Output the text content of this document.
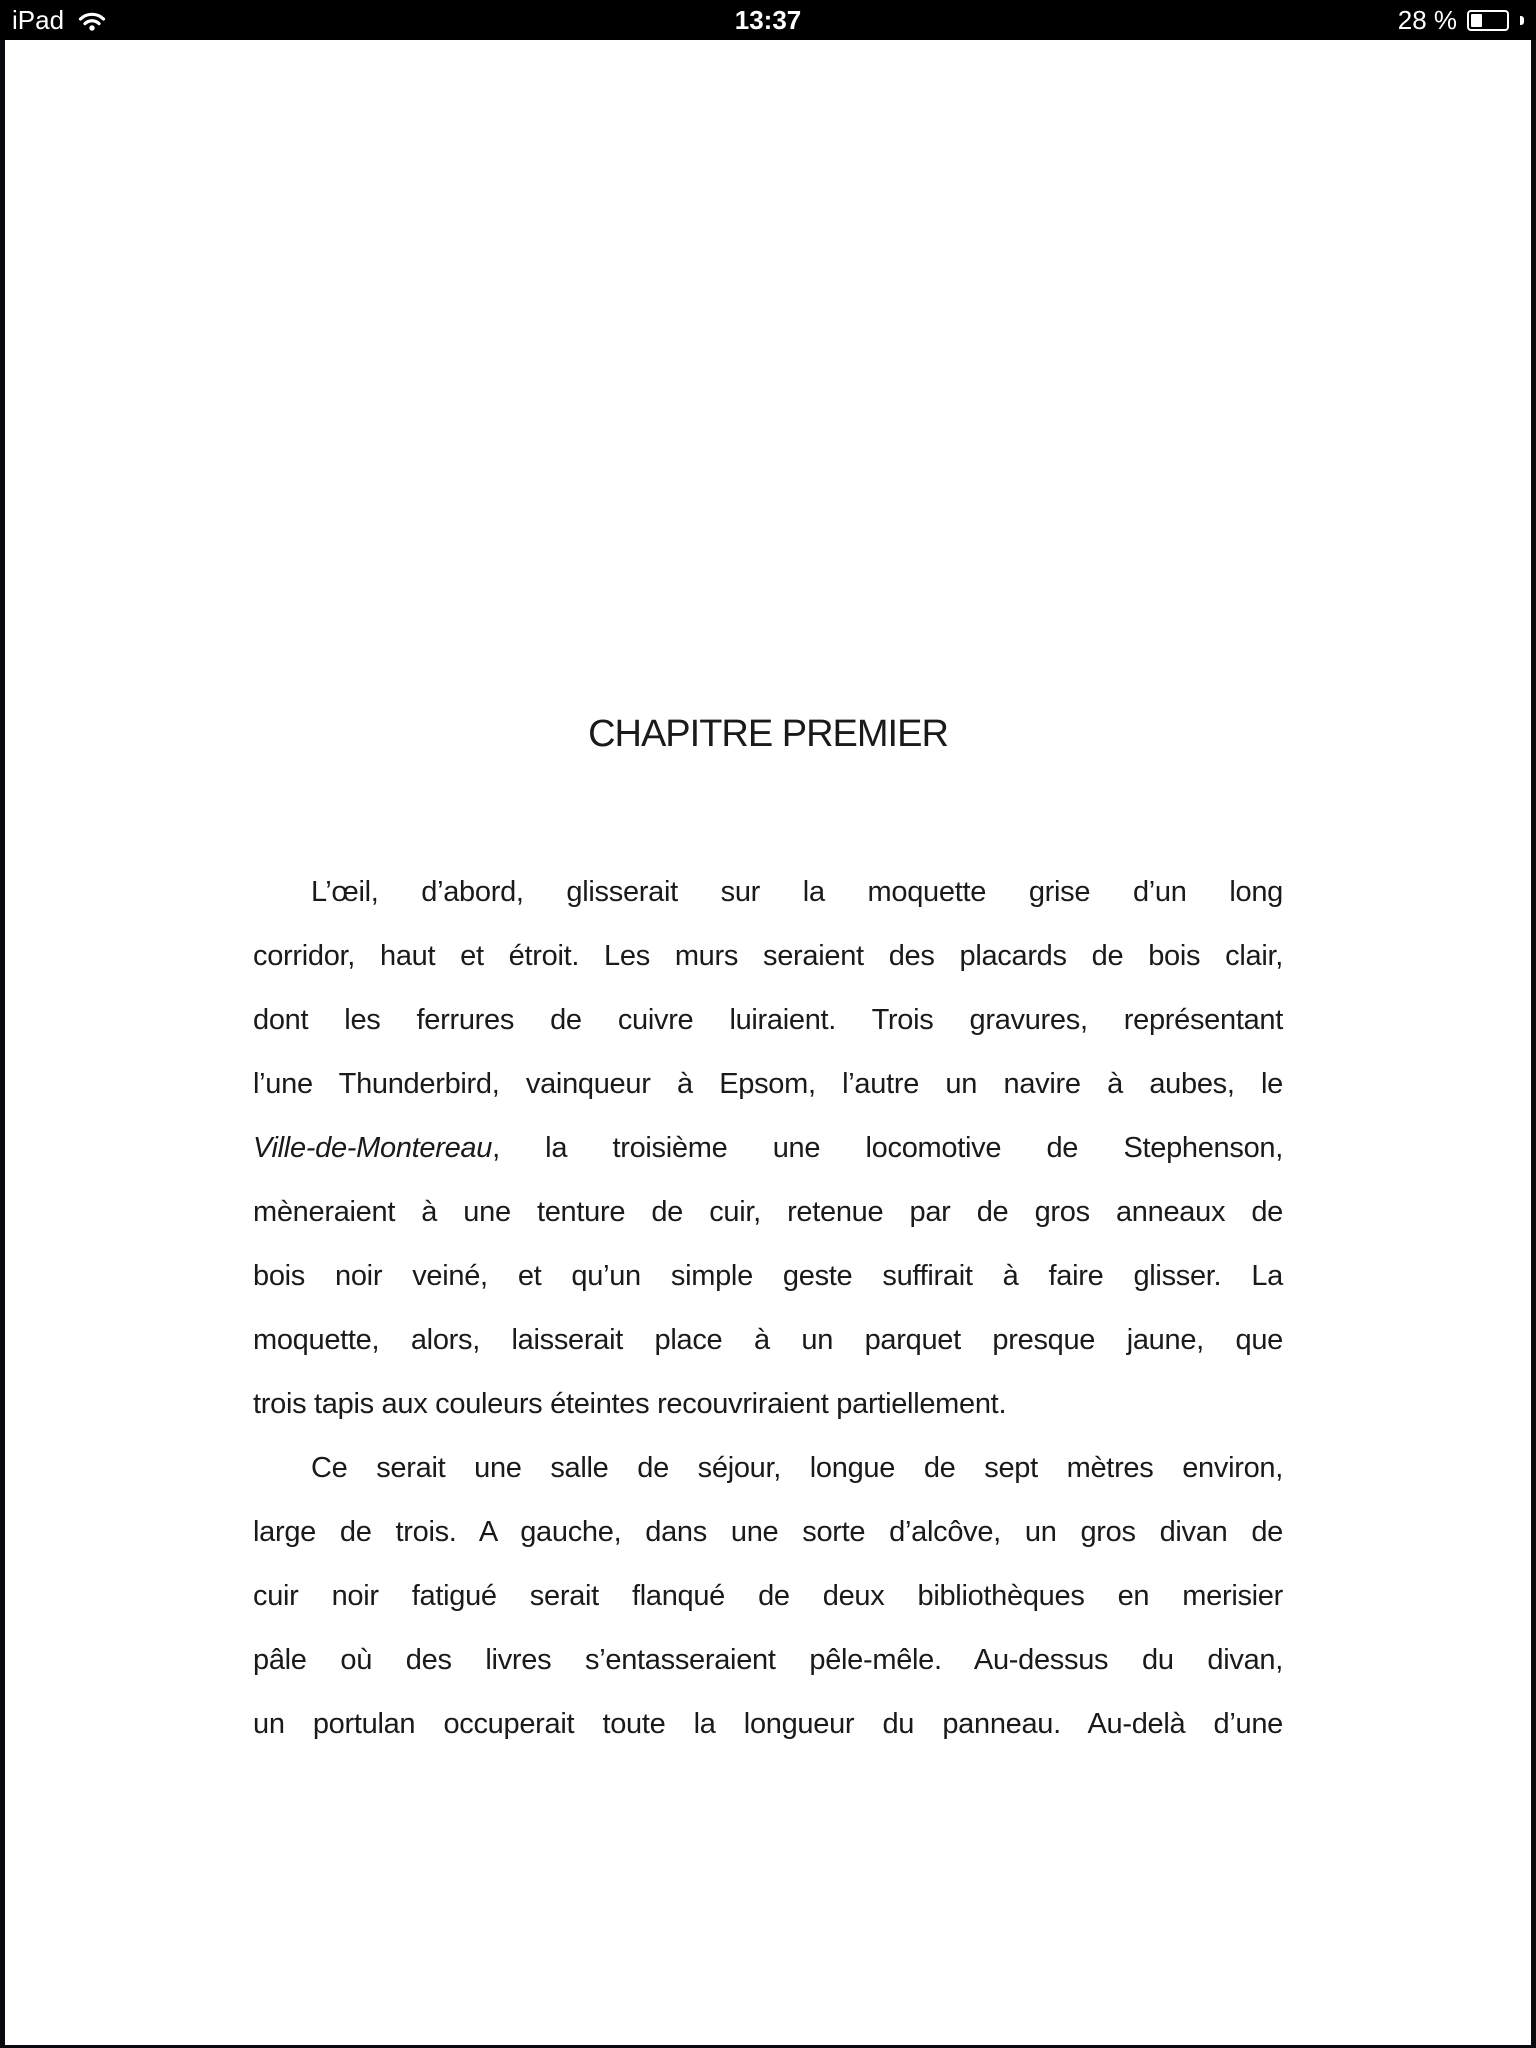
iPad	13:37	28 %
CHAPITRE PREMIER
L’œil, d’abord, glisserait sur la moquette grise d’un long
corridor, haut et étroit. Les murs seraient des placards de bois clair,
dont les ferrures de cuivre luiraient. Trois gravures, représentant
l’une Thunderbird, vainqueur à Epsom, l’autre un navire à aubes, le
Ville-de-Montereau, la troisième une locomotive de Stephenson,
mèneraient à une tenture de cuir, retenue par de gros anneaux de
bois noir veiné, et qu’un simple geste suffirait à faire glisser. La
moquette, alors, laisserait place à un parquet presque jaune, que
trois tapis aux couleurs éteintes recouvriraient partiellement.
Ce serait une salle de séjour, longue de sept mètres environ,
large de trois. A gauche, dans une sorte d’alcôve, un gros divan de
cuir noir fatigué serait flanqué de deux bibliothèques en merisier
pâle où des livres s’entasseraient pêle-mêle. Au-dessus du divan,
un portulan occuperait toute la longueur du panneau. Au-delà d’une
